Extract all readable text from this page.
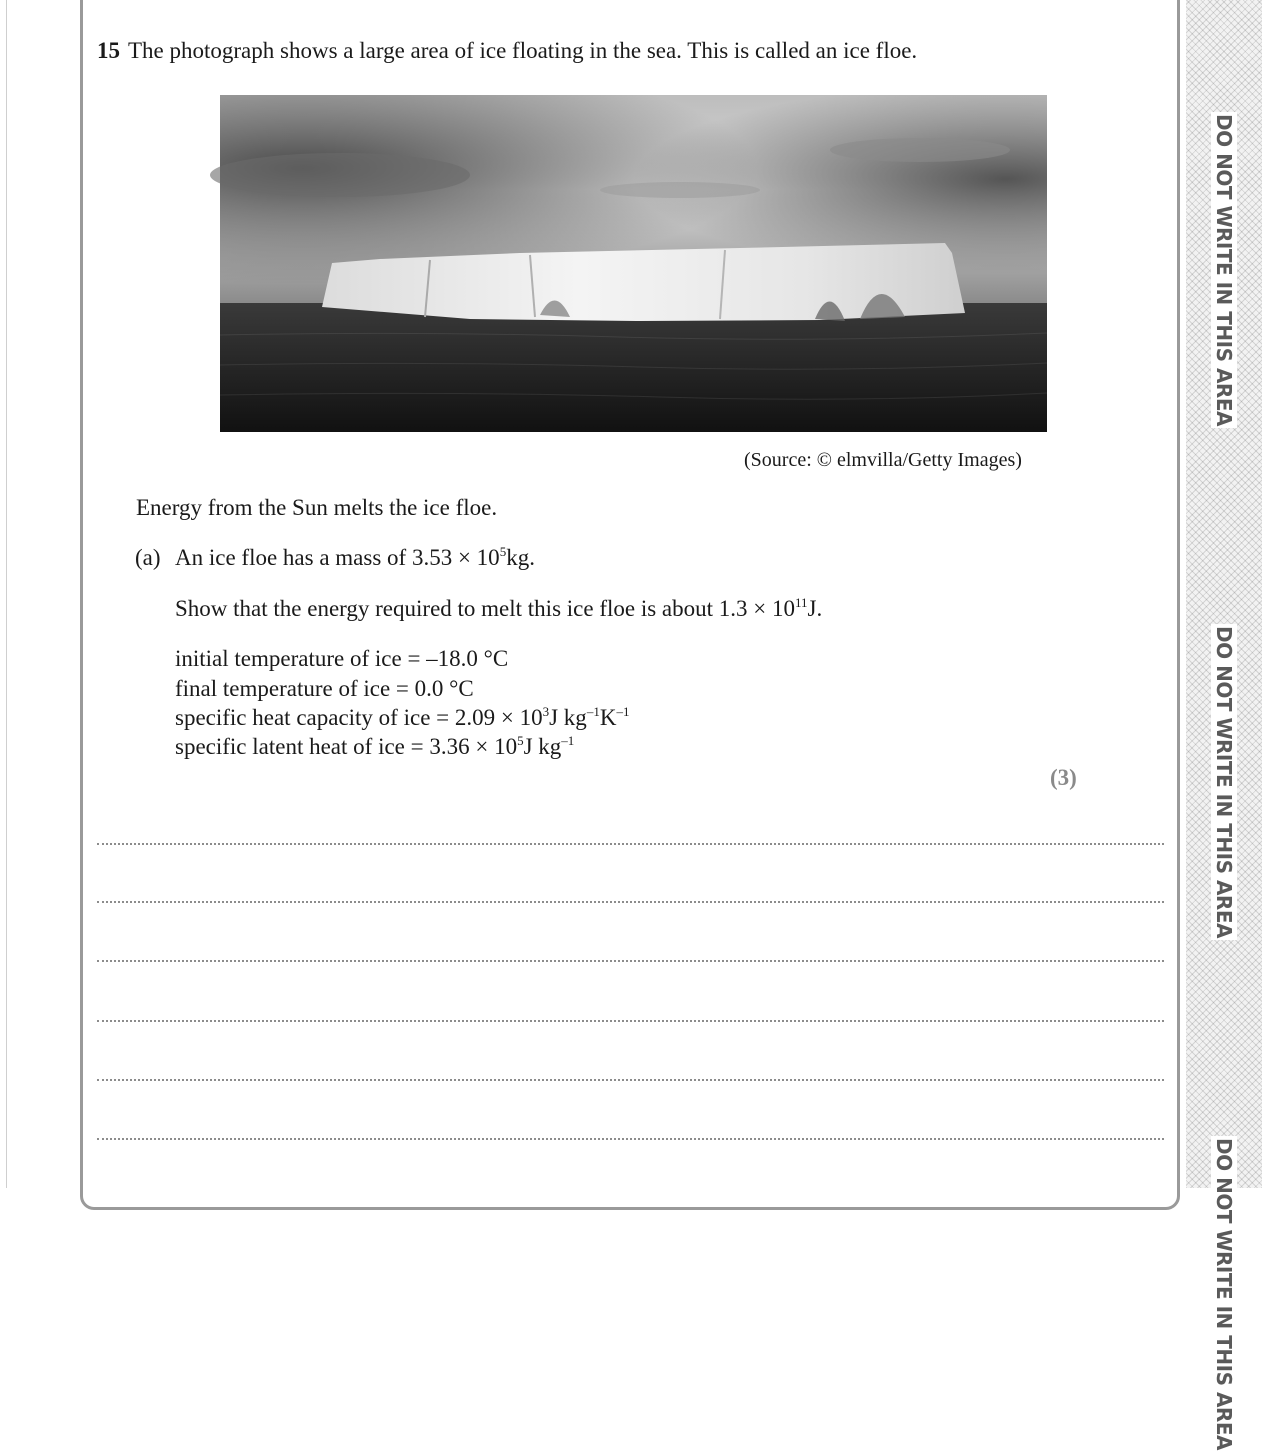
15 The photograph shows a large area of ice floating in the sea. This is called an ice floe.
(Source: © elmvilla/Getty Images)
Energy from the Sun melts the ice floe.
(a) An ice floe has a mass of $3.53 \times 10^5kg$.
Show that the energy required to melt this ice floe is about $1.3 \times 10^{11}J$.
initial temperature of ice = –18.0 °C
final temperature of ice = 0.0 °C
specific heat capacity of ice = $2.09 \times 10^3J$ $kg^{-1}K^{-1}$
specific latent heat of ice = $3.36 \times 10^5J$ $kg^{-1}$
(3)
DO NOT WRITE IN THIS AREA
DO NOT WRITE IN THIS AREA
DO NOT WRITE IN THIS AREA
